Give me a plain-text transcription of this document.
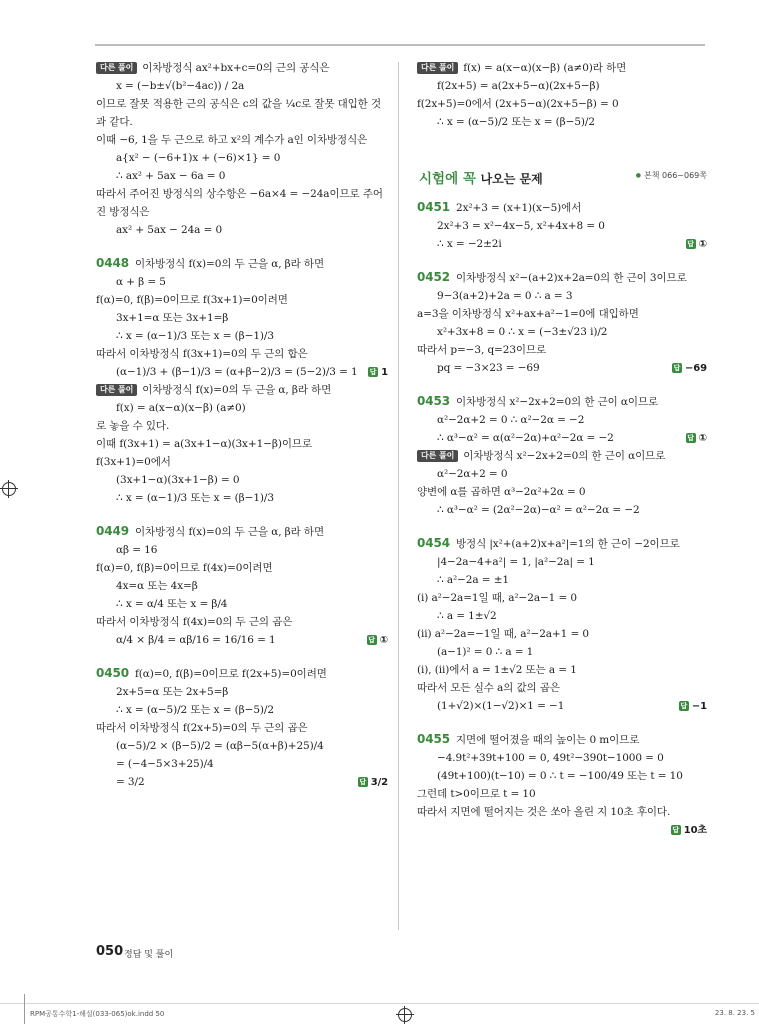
다른 풀이 이차방정식 ax²+bx+c=0의 근의 공식은
x = (−b±√(b²−4ac)) / 2a
이므로 잘못 적용한 근의 공식은 c의 값을 ¼c로 잘못 대입한 것
과 같다.
이때 −6, 1을 두 근으로 하고 x²의 계수가 a인 이차방정식은
a{x² − (−6+1)x + (−6)×1} = 0
∴ ax² + 5ax − 6a = 0
따라서 주어진 방정식의 상수항은 −6a×4 = −24a이므로 주어
진 방정식은
ax² + 5ax − 24a = 0
0448 이차방정식 f(x)=0의 두 근을 α, β라 하면
α + β = 5
f(α)=0, f(β)=0이므로 f(3x+1)=0이려면
3x+1=α 또는 3x+1=β
∴ x = (α−1)/3 또는 x = (β−1)/3
따라서 이차방정식 f(3x+1)=0의 두 근의 합은
답 1
(α−1)/3 + (β−1)/3 = (α+β−2)/3 = (5−2)/3 = 1
다른 풀이 이차방정식 f(x)=0의 두 근을 α, β라 하면
f(x) = a(x−α)(x−β) (a≠0)
로 놓을 수 있다.
이때 f(3x+1) = a(3x+1−α)(3x+1−β)이므로
f(3x+1)=0에서
(3x+1−α)(3x+1−β) = 0
∴ x = (α−1)/3 또는 x = (β−1)/3
0449 이차방정식 f(x)=0의 두 근을 α, β라 하면
αβ = 16
f(α)=0, f(β)=0이므로 f(4x)=0이려면
4x=α 또는 4x=β
∴ x = α/4 또는 x = β/4
따라서 이차방정식 f(4x)=0의 두 근의 곱은
답 ①
α/4 × β/4 = αβ/16 = 16/16 = 1
0450 f(α)=0, f(β)=0이므로 f(2x+5)=0이려면
2x+5=α 또는 2x+5=β
∴ x = (α−5)/2 또는 x = (β−5)/2
따라서 이차방정식 f(2x+5)=0의 두 근의 곱은
(α−5)/2 × (β−5)/2 = (αβ−5(α+β)+25)/4
= (−4−5×3+25)/4
답 3/2
= 3/2
다른 풀이 f(x) = a(x−α)(x−β) (a≠0)라 하면
f(2x+5) = a(2x+5−α)(2x+5−β)
f(2x+5)=0에서 (2x+5−α)(2x+5−β) = 0
∴ x = (α−5)/2 또는 x = (β−5)/2
시험에 꼭 나오는 문제
●	본책 066~069쪽
0451 2x²+3 = (x+1)(x−5)에서
2x²+3 = x²−4x−5, x²+4x+8 = 0
답 ①
∴ x = −2±2i
0452 이차방정식 x²−(a+2)x+2a=0의 한 근이 3이므로
9−3(a+2)+2a = 0 ∴ a = 3
a=3을 이차방정식 x²+ax+a²−1=0에 대입하면
x²+3x+8 = 0 ∴ x = (−3±√23 i)/2
따라서 p=−3, q=23이므로
답 −69
pq = −3×23 = −69
0453 이차방정식 x²−2x+2=0의 한 근이 α이므로
α²−2α+2 = 0 ∴ α²−2α = −2
답 ①
∴ α³−α² = α(α²−2α)+α²−2α = −2
다른 풀이 이차방정식 x²−2x+2=0의 한 근이 α이므로
α²−2α+2 = 0
양변에 α를 곱하면 α³−2α²+2α = 0
∴ α³−α² = (2α²−2α)−α² = α²−2α = −2
0454 방정식 |x²+(a+2)x+a²|=1의 한 근이 −2이므로
|4−2a−4+a²| = 1, |a²−2a| = 1
∴ a²−2a = ±1
(i) a²−2a=1일 때, a²−2a−1 = 0
∴ a = 1±√2
(ii) a²−2a=−1일 때, a²−2a+1 = 0
(a−1)² = 0 ∴ a = 1
(i), (ii)에서 a = 1±√2 또는 a = 1
따라서 모든 실수 a의 값의 곱은
답 −1
(1+√2)×(1−√2)×1 = −1
0455 지면에 떨어졌을 때의 높이는 0 m이므로
−4.9t²+39t+100 = 0, 49t²−390t−1000 = 0
(49t+100)(t−10) = 0 ∴ t = −100/49 또는 t = 10
그런데 t>0이므로 t = 10
따라서 지면에 떨어지는 것은 쏘아 올린 지 10초 후이다.
답 10초
050 정답 및 풀이
RPM공통수학1-해설(033-065)ok.indd 50	23. 8. 23. 5
